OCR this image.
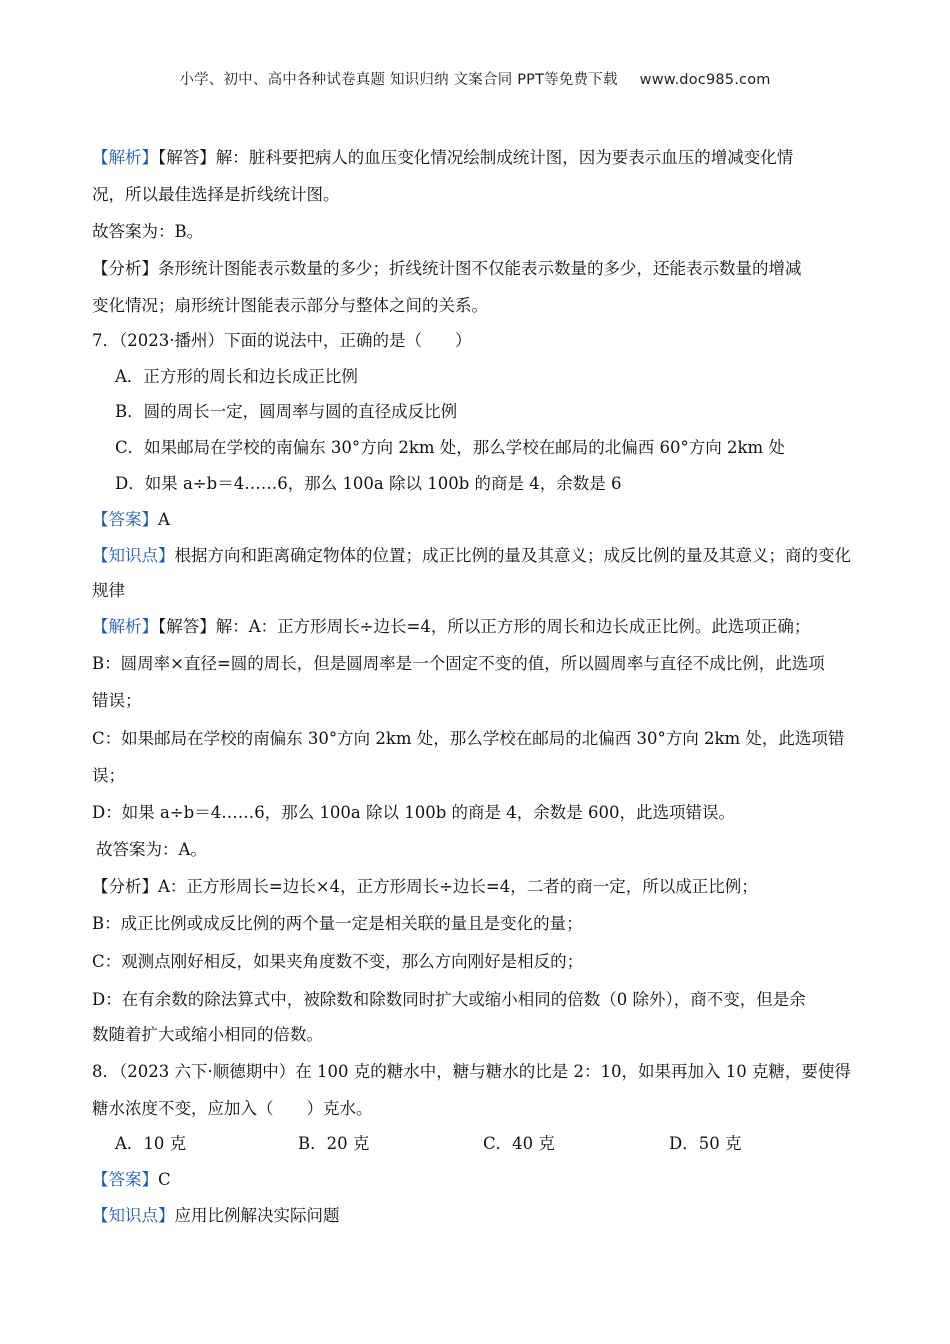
小学、初中、高中各种试卷真题 知识归纳 文案合同 PPT等免费下载 www.doc985.com
【解析】【解答】解：脏科要把病人的血压变化情况绘制成统计图，因为要表示血压的增减变化情
况，所以最佳选择是折线统计图。
故答案为：B。
【分析】条形统计图能表示数量的多少；折线统计图不仅能表示数量的多少，还能表示数量的增减
变化情况；扇形统计图能表示部分与整体之间的关系。
7．（2023·播州）下面的说法中，正确的是（　　）
A．正方形的周长和边长成正比例
B．圆的周长一定，圆周率与圆的直径成反比例
C．如果邮局在学校的南偏东 30°方向 2km 处，那么学校在邮局的北偏西 60°方向 2km 处
D．如果 a÷b＝4……6，那么 100a 除以 100b 的商是 4，余数是 6
【答案】A
【知识点】根据方向和距离确定物体的位置；成正比例的量及其意义；成反比例的量及其意义；商的变化
规律
【解析】【解答】解：A：正方形周长÷边长=4，所以正方形的周长和边长成正比例。此选项正确；
B：圆周率×直径=圆的周长，但是圆周率是一个固定不变的值，所以圆周率与直径不成比例，此选项
错误；
C：如果邮局在学校的南偏东 30°方向 2km 处，那么学校在邮局的北偏西 30°方向 2km 处，此选项错
误；
D：如果 a÷b＝4……6，那么 100a 除以 100b 的商是 4，余数是 600，此选项错误。
故答案为：A。
【分析】A：正方形周长=边长×4，正方形周长÷边长=4，二者的商一定，所以成正比例；
B：成正比例或成反比例的两个量一定是相关联的量且是变化的量；
C：观测点刚好相反，如果夹角度数不变，那么方向刚好是相反的；
D：在有余数的除法算式中，被除数和除数同时扩大或缩小相同的倍数（0 除外），商不变，但是余
数随着扩大或缩小相同的倍数。
8．（2023 六下·顺德期中）在 100 克的糖水中，糖与糖水的比是 2：10，如果再加入 10 克糖，要使得
糖水浓度不变，应加入（　　）克水。
A．10 克	B．20 克	C．40 克	D．50 克
【答案】C
【知识点】应用比例解决实际问题
